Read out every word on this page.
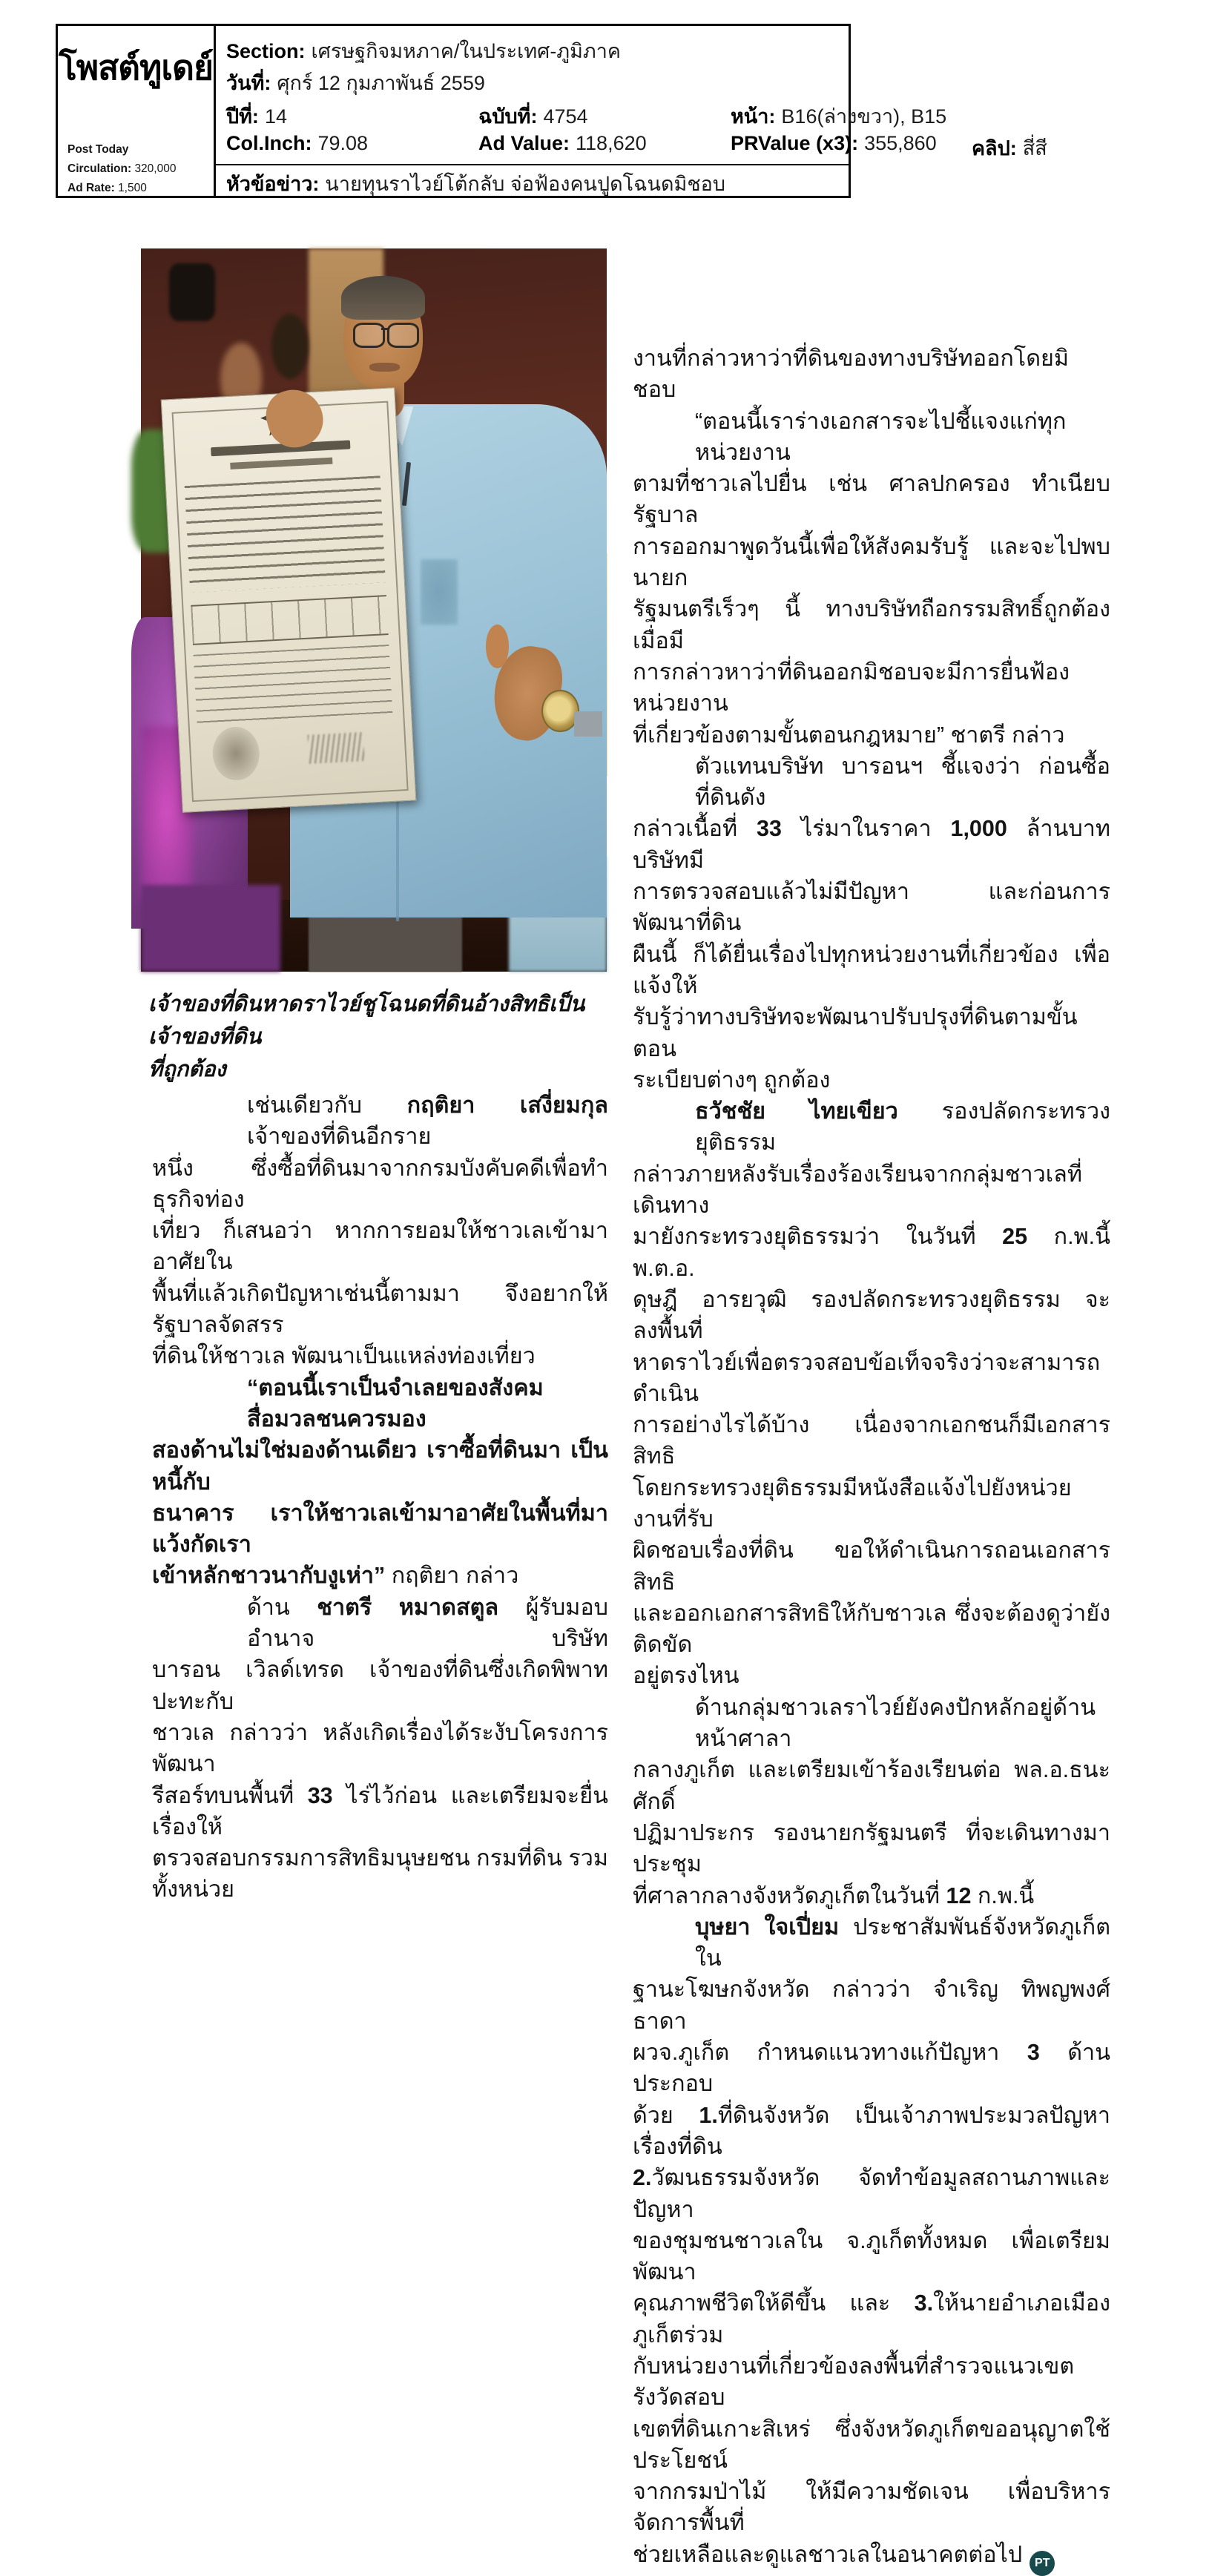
โพสต์ทูเดย์
Post Today
Circulation: 320,000
Ad Rate: 1,500
Section: เศรษฐกิจมหภาค/ในประเทศ-ภูมิภาค
วันที่: ศุกร์ 12 กุมภาพันธ์ 2559
ปีที่: 14	ฉบับที่: 4754	หน้า: B16(ล่างขวา), B15
Col.Inch: 79.08	Ad Value: 118,620	PRValue (x3): 355,860 คลิป: สี่สี
หัวข้อข่าว: นายทุนราไวย์โต้กลับ จ่อฟ้องคนปูดโฉนดมิชอบ
เจ้าของที่ดินหาดราไวย์ชูโฉนดที่ดินอ้างสิทธิเป็นเจ้าของที่ดิน
ที่ถูกต้อง
เช่นเดียวกับ กฤติยา เสงี่ยมกุล เจ้าของที่ดินอีกราย
หนึ่ง ซึ่งซื้อที่ดินมาจากกรมบังคับคดีเพื่อทำธุรกิจท่อง
เที่ยว ก็เสนอว่า หากการยอมให้ชาวเลเข้ามาอาศัยใน
พื้นที่แล้วเกิดปัญหาเช่นนี้ตามมา จึงอยากให้รัฐบาลจัดสรร
ที่ดินให้ชาวเล พัฒนาเป็นแหล่งท่องเที่ยว
“ตอนนี้เราเป็นจำเลยของสังคม สื่อมวลชนควรมอง
สองด้านไม่ใช่มองด้านเดียว เราซื้อที่ดินมา เป็นหนี้กับ
ธนาคาร เราให้ชาวเลเข้ามาอาศัยในพื้นที่มาแว้งกัดเรา
เข้าหลักชาวนากับงูเห่า” กฤติยา กล่าว
ด้าน ชาตรี หมาดสตูล ผู้รับมอบอำนาจ บริษัท
บารอน เวิลด์เทรด เจ้าของที่ดินซึ่งเกิดพิพาทปะทะกับ
ชาวเล กล่าวว่า หลังเกิดเรื่องได้ระงับโครงการพัฒนา
รีสอร์ทบนพื้นที่ 33 ไร่ไว้ก่อน และเตรียมจะยื่นเรื่องให้
ตรวจสอบกรรมการสิทธิมนุษยชน กรมที่ดิน รวมทั้งหน่วย
งานที่กล่าวหาว่าที่ดินของทางบริษัทออกโดยมิชอบ
“ตอนนี้เราร่างเอกสารจะไปชี้แจงแก่ทุกหน่วยงาน
ตามที่ชาวเลไปยื่น เช่น ศาลปกครอง ทำเนียบรัฐบาล
การออกมาพูดวันนี้เพื่อให้สังคมรับรู้ และจะไปพบนายก
รัฐมนตรีเร็วๆ นี้ ทางบริษัทถือกรรมสิทธิ์ถูกต้อง เมื่อมี
การกล่าวหาว่าที่ดินออกมิชอบจะมีการยื่นฟ้องหน่วยงาน
ที่เกี่ยวข้องตามขั้นตอนกฎหมาย” ชาตรี กล่าว
ตัวแทนบริษัท บารอนฯ ชี้แจงว่า ก่อนซื้อที่ดินดัง
กล่าวเนื้อที่ 33 ไร่มาในราคา 1,000 ล้านบาท บริษัทมี
การตรวจสอบแล้วไม่มีปัญหา และก่อนการพัฒนาที่ดิน
ผืนนี้ ก็ได้ยื่นเรื่องไปทุกหน่วยงานที่เกี่ยวข้อง เพื่อแจ้งให้
รับรู้ว่าทางบริษัทจะพัฒนาปรับปรุงที่ดินตามขั้นตอน
ระเบียบต่างๆ ถูกต้อง
ธวัชชัย ไทยเขียว รองปลัดกระทรวงยุติธรรม
กล่าวภายหลังรับเรื่องร้องเรียนจากกลุ่มชาวเลที่เดินทาง
มายังกระทรวงยุติธรรมว่า ในวันที่ 25 ก.พ.นี้ พ.ต.อ.
ดุษฎี อารยวุฒิ รองปลัดกระทรวงยุติธรรม จะลงพื้นที่
หาดราไวย์เพื่อตรวจสอบข้อเท็จจริงว่าจะสามารถดำเนิน
การอย่างไรได้บ้าง เนื่องจากเอกชนก็มีเอกสารสิทธิ
โดยกระทรวงยุติธรรมมีหนังสือแจ้งไปยังหน่วยงานที่รับ
ผิดชอบเรื่องที่ดิน ขอให้ดำเนินการถอนเอกสารสิทธิ
และออกเอกสารสิทธิให้กับชาวเล ซึ่งจะต้องดูว่ายังติดขัด
อยู่ตรงไหน
ด้านกลุ่มชาวเลราไวย์ยังคงปักหลักอยู่ด้านหน้าศาลา
กลางภูเก็ต และเตรียมเข้าร้องเรียนต่อ พล.อ.ธนะศักดิ์
ปฏิมาประกร รองนายกรัฐมนตรี ที่จะเดินทางมาประชุม
ที่ศาลากลางจังหวัดภูเก็ตในวันที่ 12 ก.พ.นี้
บุษยา ใจเปี่ยม ประชาสัมพันธ์จังหวัดภูเก็ต ใน
ฐานะโฆษกจังหวัด กล่าวว่า จำเริญ ทิพญพงศ์ธาดา
ผวจ.ภูเก็ต กำหนดแนวทางแก้ปัญหา 3 ด้านประกอบ
ด้วย 1.ที่ดินจังหวัด เป็นเจ้าภาพประมวลปัญหาเรื่องที่ดิน
2.วัฒนธรรมจังหวัด จัดทำข้อมูลสถานภาพและปัญหา
ของชุมชนชาวเลใน จ.ภูเก็ตทั้งหมด เพื่อเตรียมพัฒนา
คุณภาพชีวิตให้ดีขึ้น และ 3.ให้นายอำเภอเมืองภูเก็ตร่วม
กับหน่วยงานที่เกี่ยวข้องลงพื้นที่สำรวจแนวเขตรังวัดสอบ
เขตที่ดินเกาะสิเหร่ ซึ่งจังหวัดภูเก็ตขออนุญาตใช้ประโยชน์
จากกรมป่าไม้ ให้มีความชัดเจน เพื่อบริหารจัดการพื้นที่
ช่วยเหลือและดูแลชาวเลในอนาคตต่อไป PT
